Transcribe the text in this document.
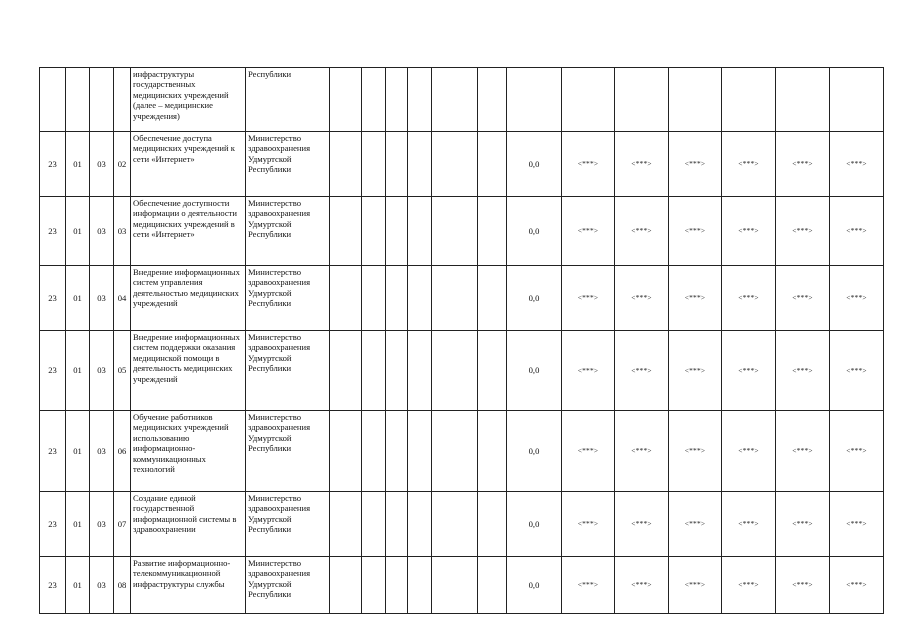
				инфраструктуры государственных медицинских учреждений (далее – медицинские учреждения)	Республики													
23	01	03	02	Обеспечение доступа медицинских учреждений к сети «Интернет»	Министерство здравоохранения Удмуртской Республики							0,0	<***>	<***>	<***>	<***>	<***>	<***>
23	01	03	03	Обеспечение доступности информации о деятельности медицинских учреждений в сети «Интернет»	Министерство здравоохранения Удмуртской Республики							0,0	<***>	<***>	<***>	<***>	<***>	<***>
23	01	03	04	Внедрение информационных систем управления деятельностью медицинских учреждений	Министерство здравоохранения Удмуртской Республики							0,0	<***>	<***>	<***>	<***>	<***>	<***>
23	01	03	05	Внедрение информационных систем поддержки оказания медицинской помощи в деятельность медицинских учреждений	Министерство здравоохранения Удмуртской Республики							0,0	<***>	<***>	<***>	<***>	<***>	<***>
23	01	03	06	Обучение работников медицинских учреждений использованию информационно-коммуникационных технологий	Министерство здравоохранения Удмуртской Республики							0,0	<***>	<***>	<***>	<***>	<***>	<***>
23	01	03	07	Создание единой государственной информационной системы в здравоохранении	Министерство здравоохранения Удмуртской Республики							0,0	<***>	<***>	<***>	<***>	<***>	<***>
23	01	03	08	Развитие информационно-телекоммуникационной инфраструктуры службы	Министерство здравоохранения Удмуртской Республики							0,0	<***>	<***>	<***>	<***>	<***>	<***>
